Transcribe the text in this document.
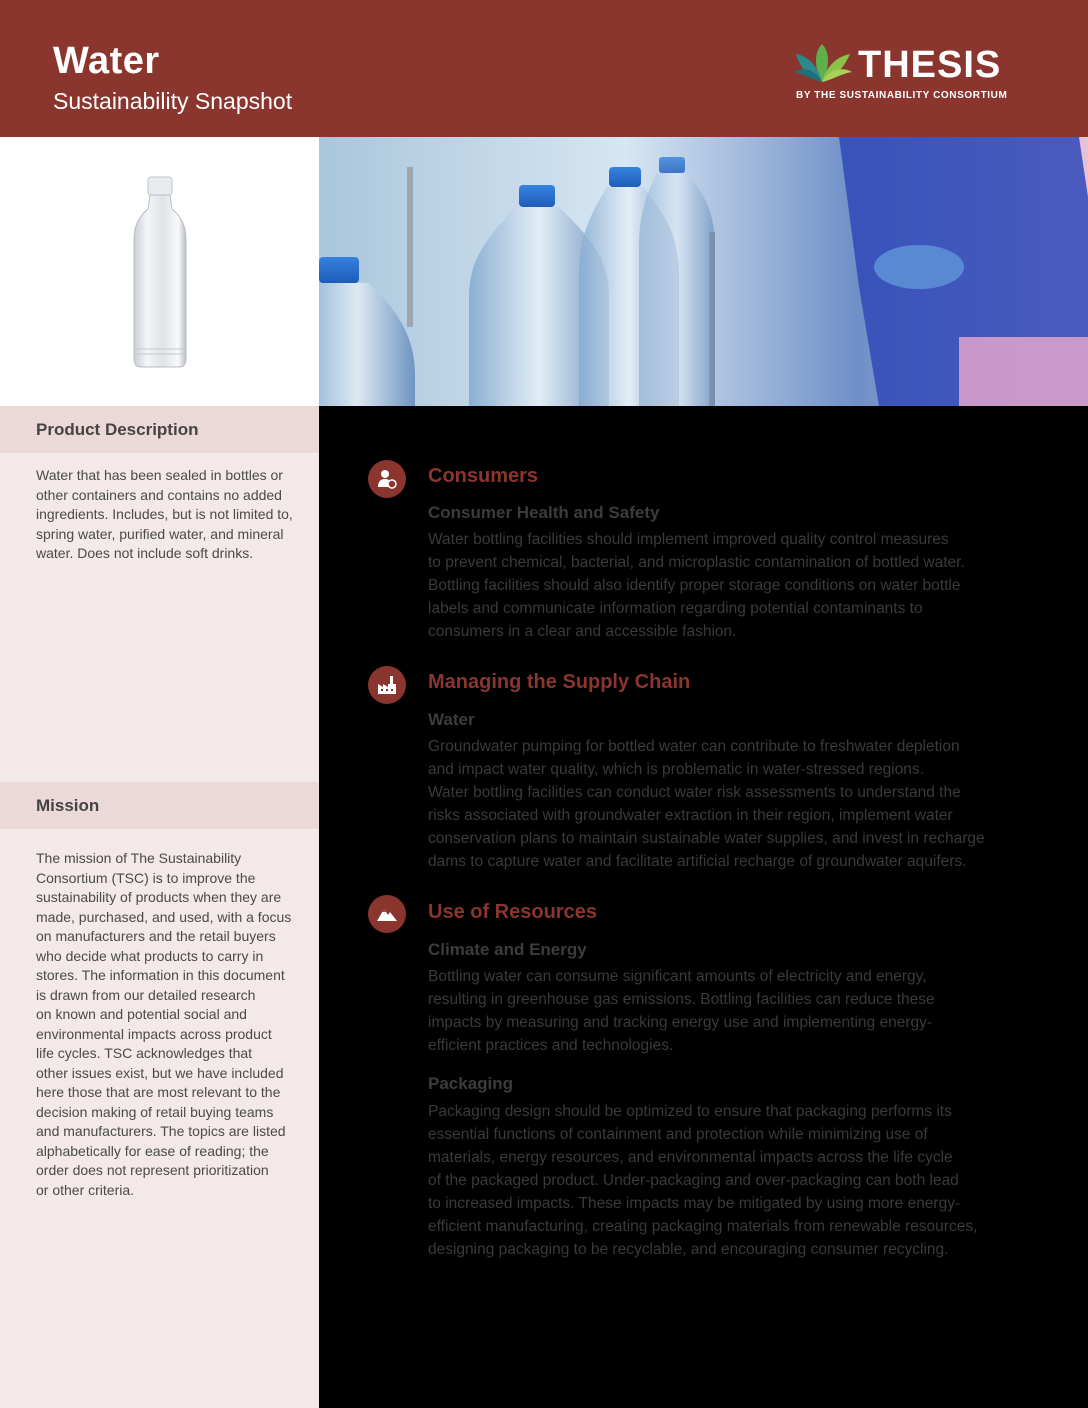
Water
Sustainability Snapshot
THESIS
BY THE SUSTAINABILITY CONSORTIUM
Product Description
Water that has been sealed in bottles or
other containers and contains no added
ingredients. Includes, but is not limited to,
spring water, purified water, and mineral
water. Does not include soft drinks.
Mission
The mission of The Sustainability
Consortium (TSC) is to improve the
sustainability of products when they are
made, purchased, and used, with a focus
on manufacturers and the retail buyers
who decide what products to carry in
stores. The information in this document
is drawn from our detailed research
on known and potential social and
environmental impacts across product
life cycles. TSC acknowledges that
other issues exist, but we have included
here those that are most relevant to the
decision making of retail buying teams
and manufacturers. The topics are listed
alphabetically for ease of reading; the
order does not represent prioritization
or other criteria.
Consumers
Consumer Health and Safety
Water bottling facilities should implement improved quality control measures
to prevent chemical, bacterial, and microplastic contamination of bottled water.
Bottling facilities should also identify proper storage conditions on water bottle
labels and communicate information regarding potential contaminants to
consumers in a clear and accessible fashion.
Managing the Supply Chain
Water
Groundwater pumping for bottled water can contribute to freshwater depletion
and impact water quality, which is problematic in water-stressed regions.
Water bottling facilities can conduct water risk assessments to understand the
risks associated with groundwater extraction in their region, implement water
conservation plans to maintain sustainable water supplies, and invest in recharge
dams to capture water and facilitate artificial recharge of groundwater aquifers.
Use of Resources
Climate and Energy
Bottling water can consume significant amounts of electricity and energy,
resulting in greenhouse gas emissions. Bottling facilities can reduce these
impacts by measuring and tracking energy use and implementing energy-
efficient practices and technologies.
Packaging
Packaging design should be optimized to ensure that packaging performs its
essential functions of containment and protection while minimizing use of
materials, energy resources, and environmental impacts across the life cycle
of the packaged product. Under-packaging and over-packaging can both lead
to increased impacts. These impacts may be mitigated by using more energy-
efficient manufacturing, creating packaging materials from renewable resources,
designing packaging to be recyclable, and encouraging consumer recycling.
